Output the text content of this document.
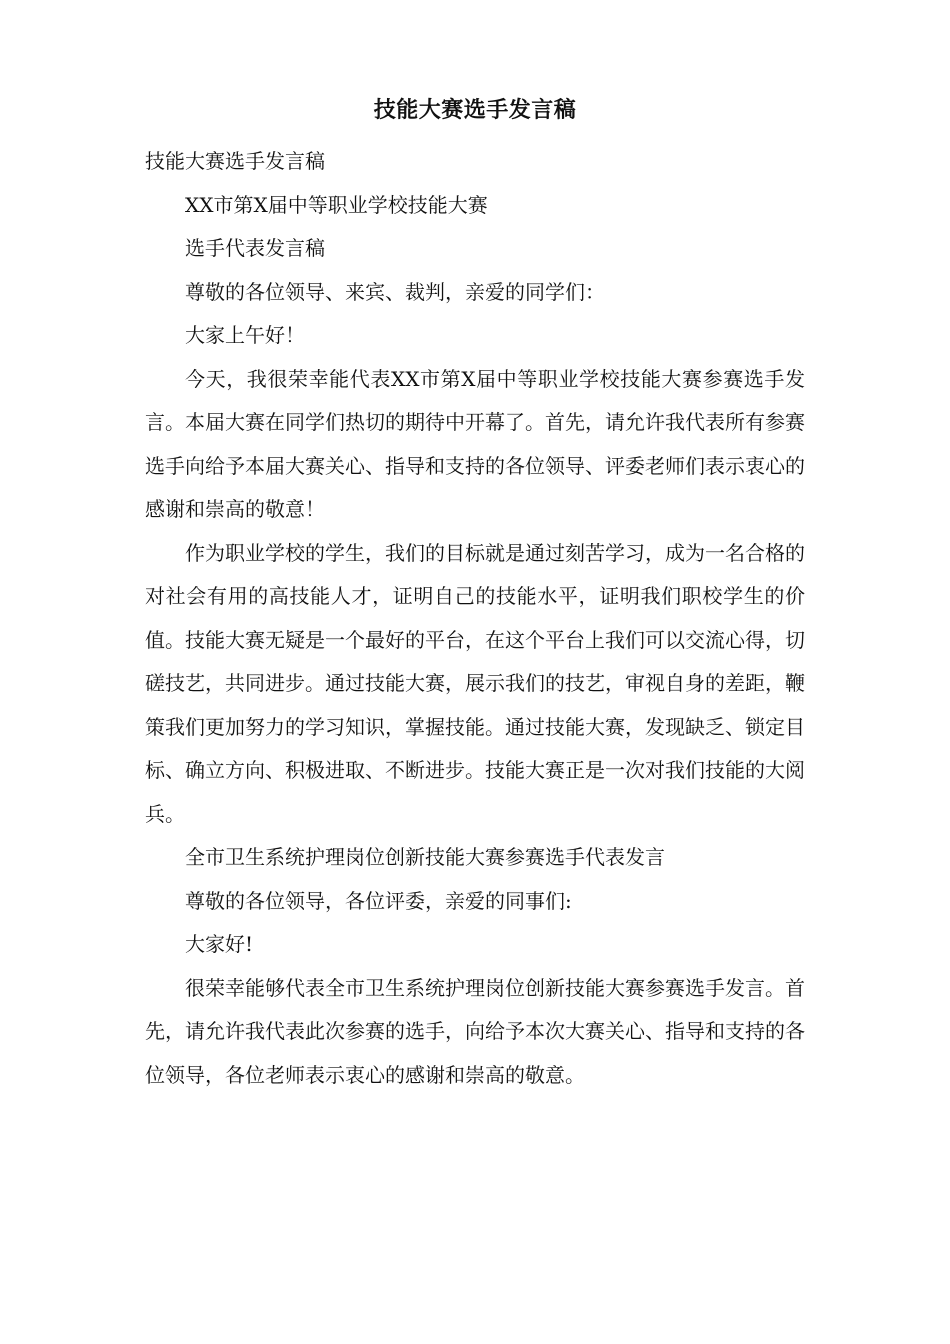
技能大赛选手发言稿

技能大赛选手发言稿

XX市第X届中等职业学校技能大赛

选手代表发言稿

尊敬的各位领导、来宾、裁判，亲爱的同学们：

大家上午好！

今天，我很荣幸能代表XX市第X届中等职业学校技能大赛参赛选手发言。本届大赛在同学们热切的期待中开幕了。首先，请允许我代表所有参赛选手向给予本届大赛关心、指导和支持的各位领导、评委老师们表示衷心的感谢和崇高的敬意！

作为职业学校的学生，我们的目标就是通过刻苦学习，成为一名合格的对社会有用的高技能人才，证明自己的技能水平，证明我们职校学生的价值。技能大赛无疑是一个最好的平台，在这个平台上我们可以交流心得，切磋技艺，共同进步。通过技能大赛，展示我们的技艺，审视自身的差距，鞭策我们更加努力的学习知识，掌握技能。通过技能大赛，发现缺乏、锁定目标、确立方向、积极进取、不断进步。技能大赛正是一次对我们技能的大阅兵。

全市卫生系统护理岗位创新技能大赛参赛选手代表发言

尊敬的各位领导，各位评委，亲爱的同事们:

大家好!

很荣幸能够代表全市卫生系统护理岗位创新技能大赛参赛选手发言。首先，请允许我代表此次参赛的选手，向给予本次大赛关心、指导和支持的各位领导，各位老师表示衷心的感谢和崇高的敬意。
